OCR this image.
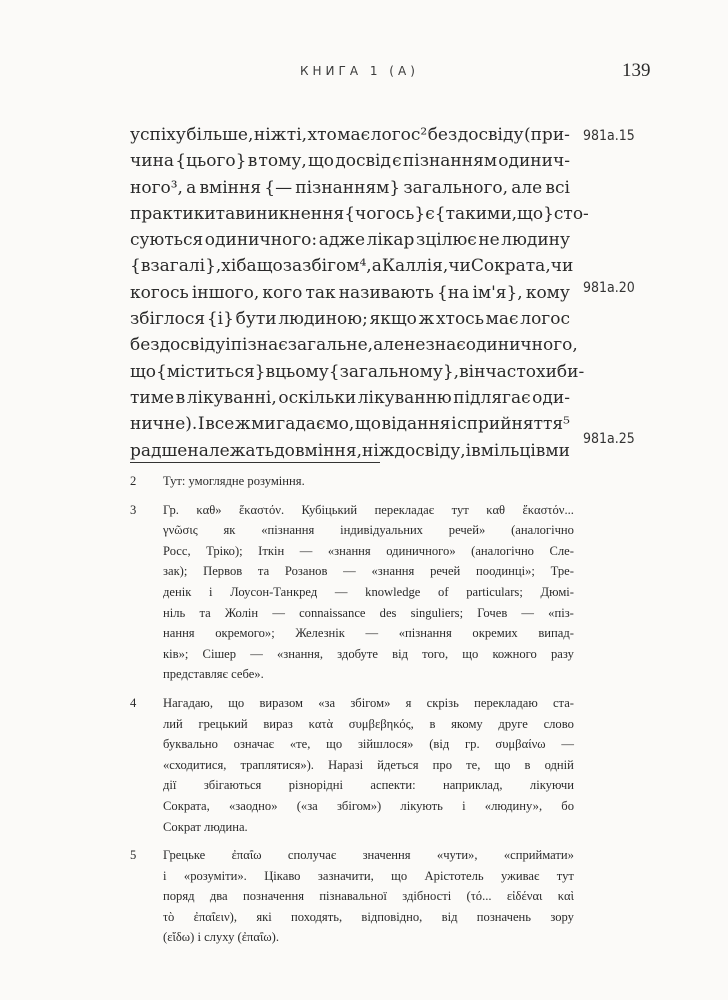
КНИГА 1 (А)	139
успіху більше, ніж ті, хто має логос² без досвіду (при-
чина {цього} в тому, що досвід є пізнанням одинич-
ного³, а вміння {— пізнанням} загального, але всі
практики та виникнення {чогось} є {такими, що} сто-
суються одиничного: адже лікар зцілює не людину
{взагалі}, хіба що за збігом⁴, а Каллія, чи Сократа, чи
когось іншого, кого так називають {на ім'я}, кому
збіглося {і} бути людиною; якщо ж хтось має логос
без досвіду і пізнає загальне, але не знає одиничного,
що {міститься} в цьому {загальному}, він часто хиби-
тиме в лікуванні, оскільки лікуванню підлягає оди-
ничне). І все ж ми гадаємо, що відання і сприйняття⁵
радше належать до вміння, ніж досвіду, і вмільців ми
981a.15
981a.20
981a.25
2	Тут: умоглядне розуміння.
3	Гр. καθ» ἕκαστόν. Кубіцький перекладає тут καθ ἕκαστόν...
γνῶσις як «пізнання індивідуальних речей» (аналогічно
Росс, Тріко); Іткін — «знання одиничного» (аналогічно Сле-
зак); Первов та Розанов — «знання речей поодинці»; Тре-
денік і Лоусон-Танкред — knowledge of particulars; Дюмі-
ніль та Жолін — connaissance des singuliers; Гочев — «піз-
нання окремого»; Железнік — «пізнання окремих випад-
ків»; Сішер — «знання, здобуте від того, що кожного разу
представляє себе».
4	Нагадаю, що виразом «за збігом» я скрізь перекладаю ста-
лий грецький вираз κατὰ συμβεβηκός, в якому друге слово
буквально означає «те, що зійшлося» (від гр. συμβαίνω —
«сходитися, траплятися»). Наразі йдеться про те, що в одній
дії збігаються різнорідні аспекти: наприклад, лікуючи
Сократа, «заодно» («за збігом») лікують і «людину», бо
Сократ людина.
5	Грецьке ἐπαΐω сполучає значення «чути», «сприймати»
і «розуміти». Цікаво зазначити, що Арістотель уживає тут
поряд два позначення пізнавальної здібності (τό... εἰδέναι καὶ
τὸ ἐπαΐειν), які походять, відповідно, від позначень зору
(εἴδω) і слуху (ἐπαΐω).
